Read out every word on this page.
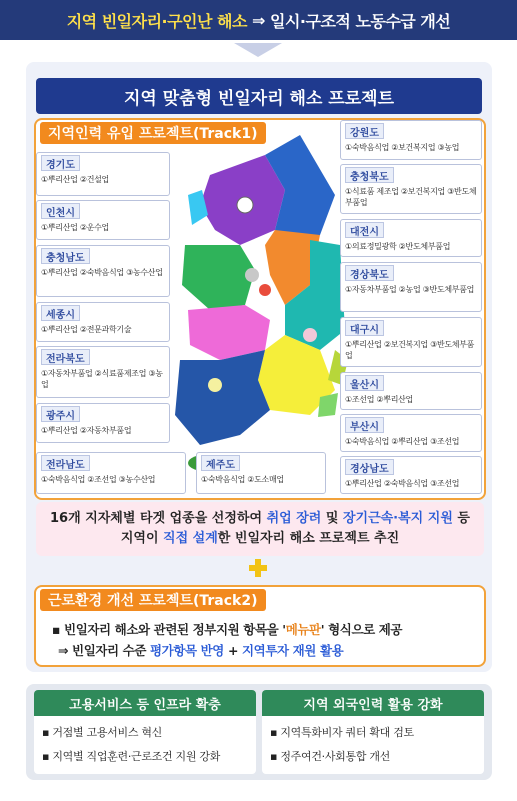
지역 빈일자리·구인난 해소 ⇒ 일시·구조적 노동수급 개선
지역 맞춤형 빈일자리 해소 프로젝트
지역인력 유입 프로젝트(Track1)
경기도
①뿌리산업 ②건설업
인천시
①뿌리산업 ②운수업
충청남도
①뿌리산업 ②숙박음식업 ③농수산업
세종시
①뿌리산업 ②전문과학기술
전라북도
①자동차부품업 ②식료품제조업 ③농업
광주시
①뿌리산업 ②자동차부품업
전라남도
①숙박음식업 ②조선업 ③농수산업
제주도
①숙박음식업 ②도소매업
강원도
①숙박음식업 ②보건복지업 ③농업
충청북도
①식료품 제조업 ②보건복지업 ③반도체부품업
대전시
①의료정밀광학 ②반도체부품업
경상북도
①자동차부품업 ②농업 ③반도체부품업
대구시
①뿌리산업 ②보건복지업 ③반도체부품업
울산시
①조선업 ②뿌리산업
부산시
①숙박음식업 ②뿌리산업 ③조선업
경상남도
①뿌리산업 ②숙박음식업 ③조선업
16개 지자체별 타겟 업종을 선정하여 취업 장려 및 장기근속·복지 지원 등
지역이 직접 설계한 빈일자리 해소 프로젝트 추진
근로환경 개선 프로젝트(Track2)
▪ 빈일자리 해소와 관련된 정부지원 항목을 '메뉴판' 형식으로 제공
⇒ 빈일자리 수준 평가항목 반영 + 지역투자 재원 활용
고용서비스 등 인프라 확충
▪ 거점별 고용서비스 혁신
▪ 지역별 직업훈련·근로조건 지원 강화
지역 외국인력 활용 강화
▪ 지역특화비자 쿼터 확대 검토
▪ 정주여건·사회통합 개선
